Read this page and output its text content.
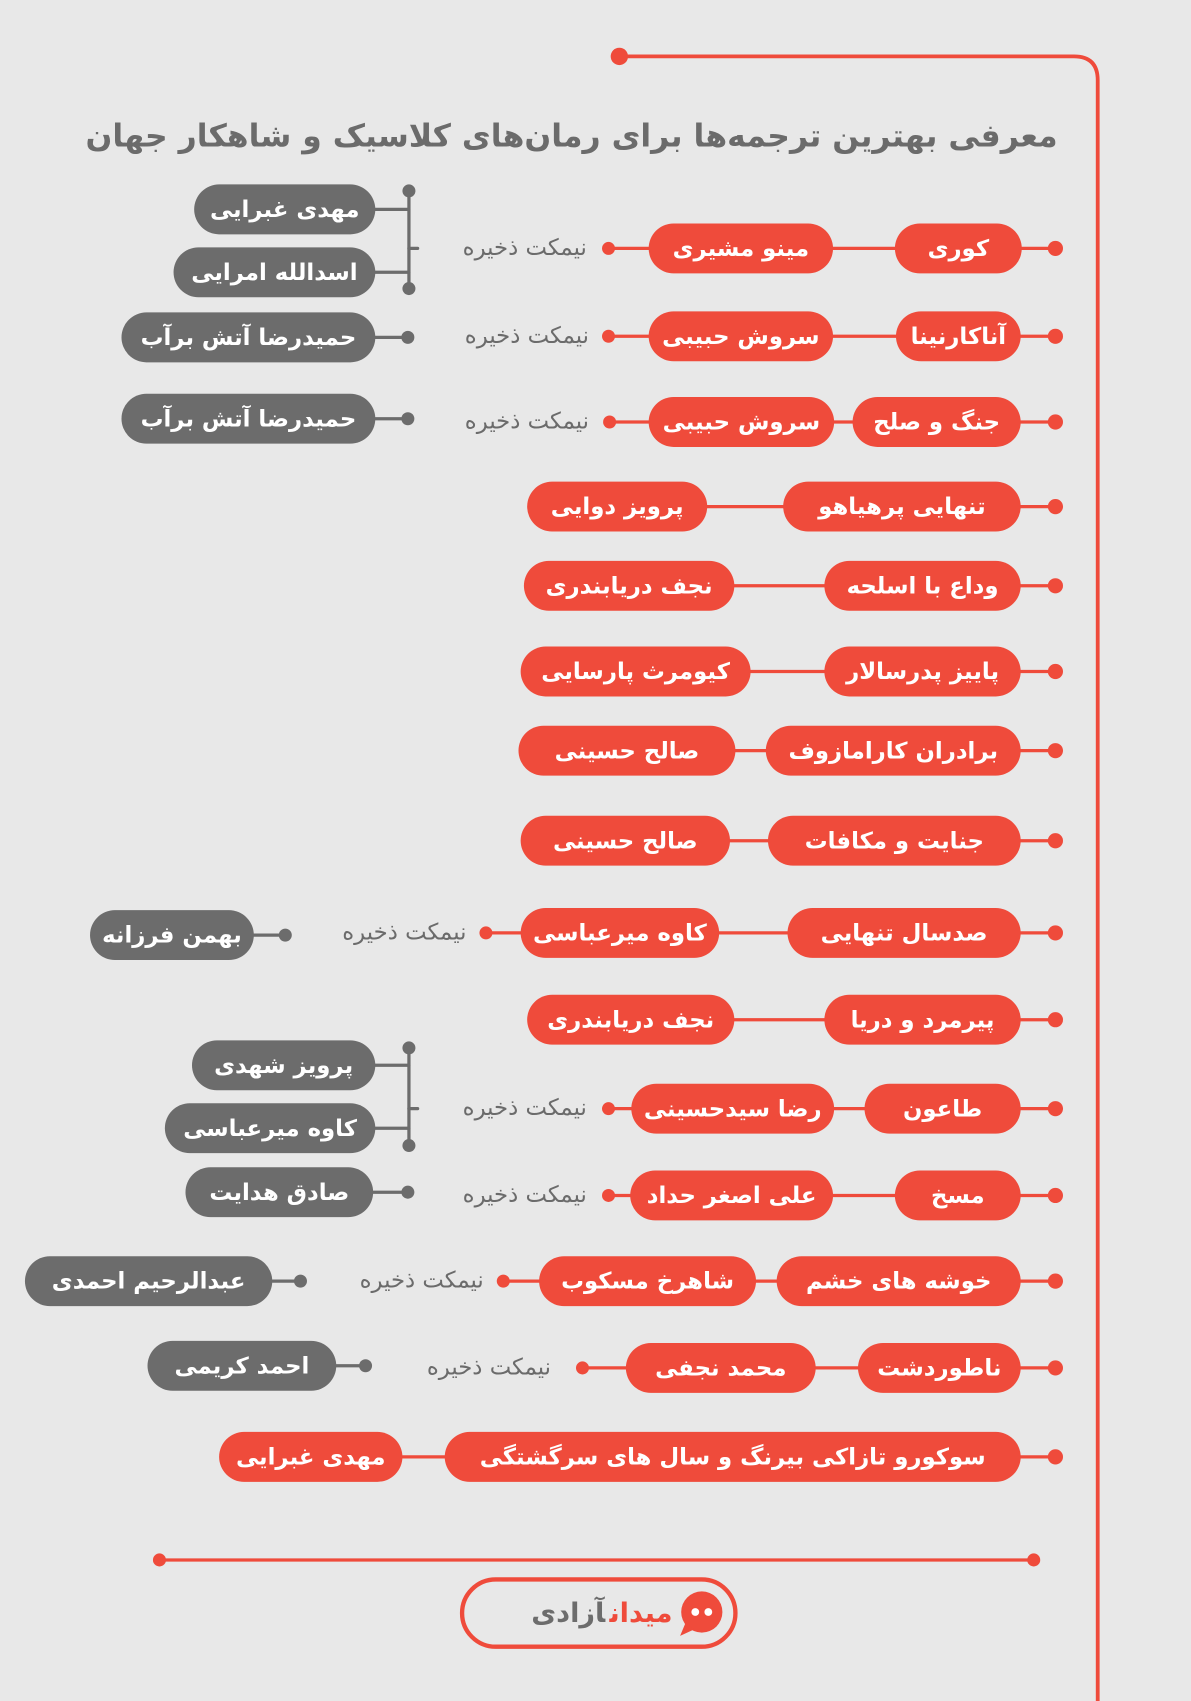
معرفی بهترین ترجمه‌ها برای رمان‌های کلاسیک و شاهکار جهان
میدانآزادی
کوری
مینو مشیری
نیمکت ذخیره
مهدی غبرایی
اسدالله امرایی
آناکارنینا
سروش حبیبی
نیمکت ذخیره
حمیدرضا آتش برآب
جنگ و صلح
سروش حبیبی
نیمکت ذخیره
حمیدرضا آتش برآب
تنهایی پرهیاهو
پرویز دوایی
وداع با اسلحه
نجف دریابندری
پاییز پدرسالار
کیومرث پارسایی
برادران کارامازوف
صالح حسینی
جنایت و مکافات
صالح حسینی
صدسال تنهایی
کاوه میرعباسی
نیمکت ذخیره
بهمن فرزانه
پیرمرد و دریا
نجف دریابندری
طاعون
رضا سیدحسینی
نیمکت ذخیره
پرویز شهدی
کاوه میرعباسی
مسخ
علی اصغر حداد
نیمکت ذخیره
صادق هدایت
خوشه های خشم
شاهرخ مسکوب
نیمکت ذخیره
عبدالرحیم احمدی
ناطوردشت
محمد نجفی
نیمکت ذخیره
احمد کریمی
سوکورو تازاکی بیرنگ و سال های سرگشتگی
مهدی غبرایی
